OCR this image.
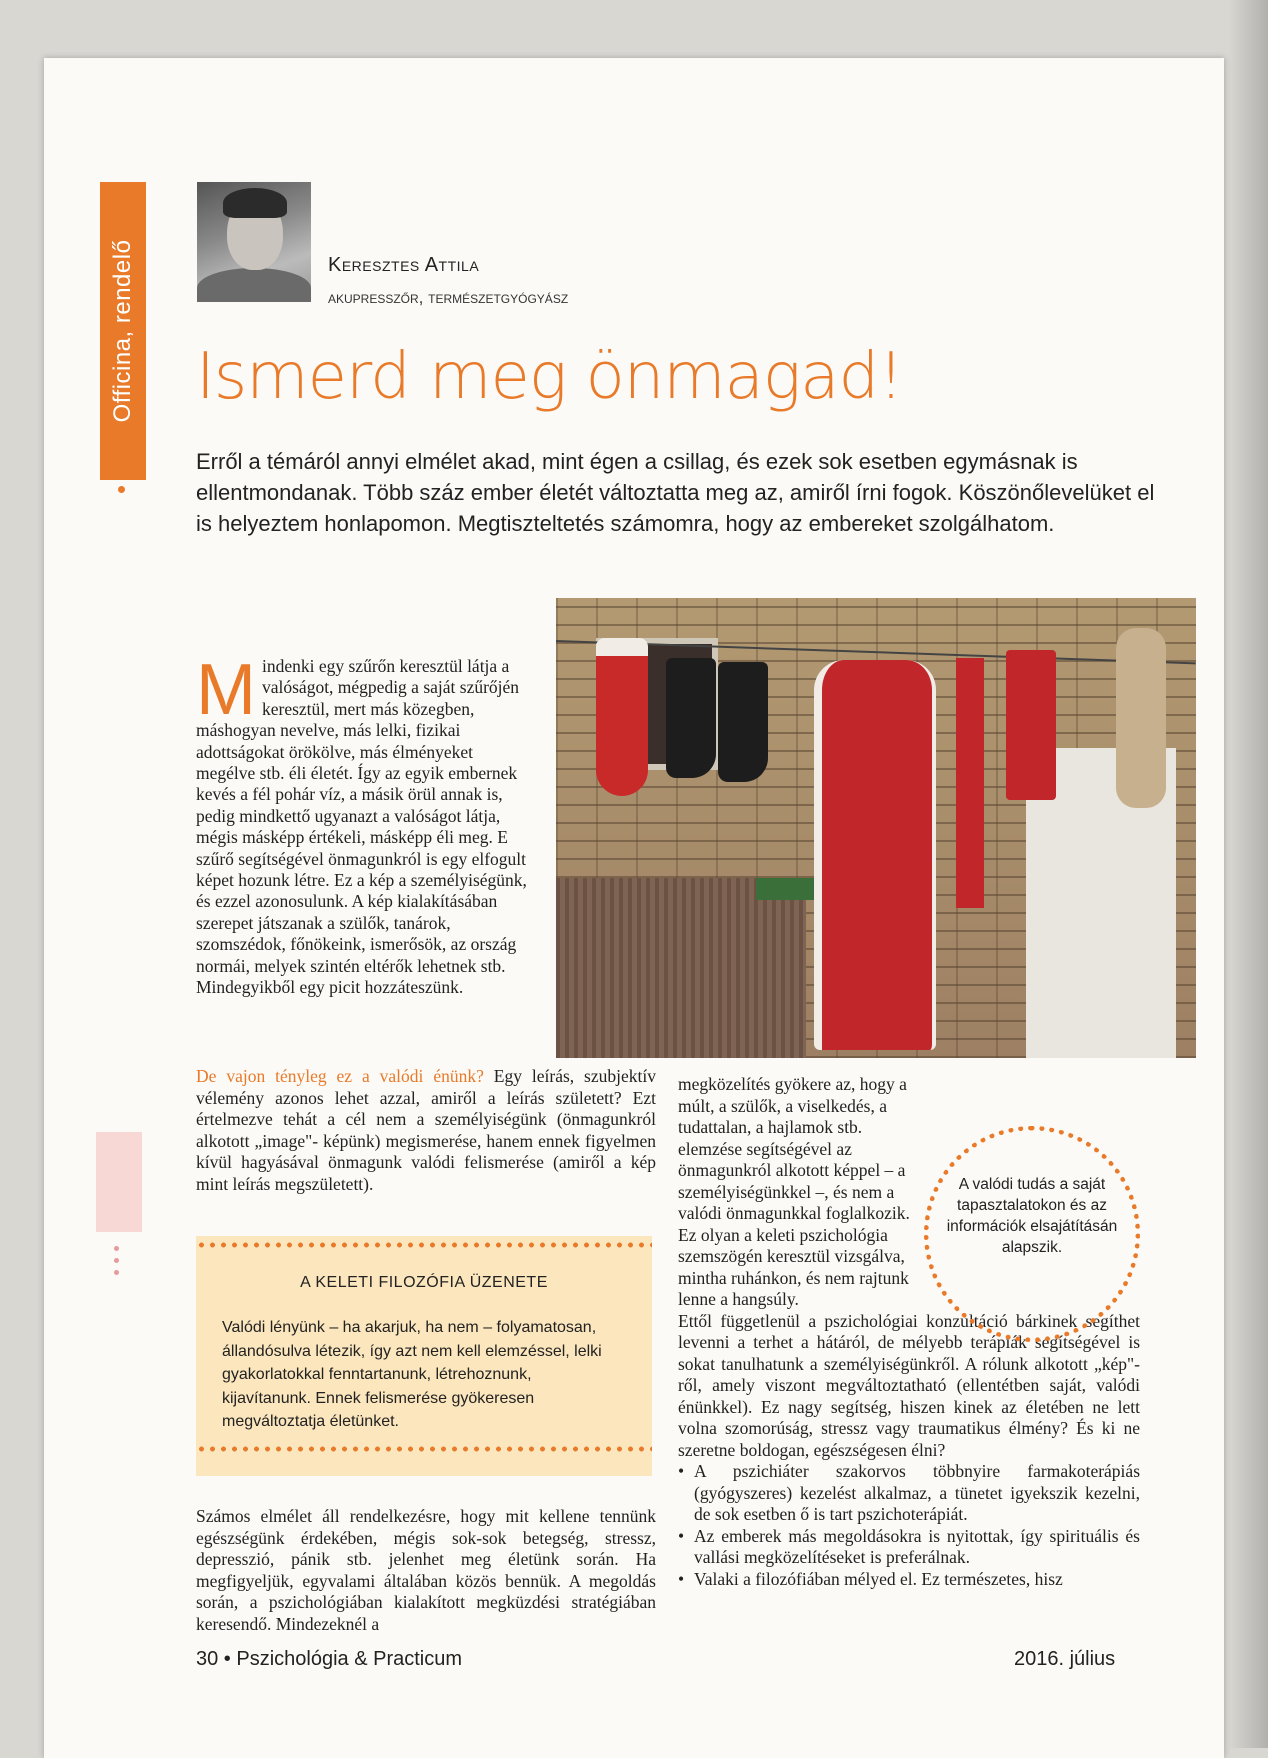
Officina, rendelő	Keresztes Attila
akupresszőr, természetgyógyász
Ismerd meg önmagad!

Erről a témáról annyi elmélet akad, mint égen a csillag, és ezek sok esetben egymásnak is ellentmondanak. Több száz ember életét változtatta meg az, amiről írni fogok. Köszönőlevelüket el is helyeztem honlapomon. Megtiszteltetés számomra, hogy az embereket szolgálhatom.

Mindenki egy szűrőn keresztül látja a valóságot, mégpedig a saját szűrőjén keresztül, mert más közegben, máshogyan nevelve, más lelki, fizikai adottságokat örökölve, más élményeket megélve stb. éli életét. Így az egyik embernek kevés a fél pohár víz, a másik örül annak is, pedig mindkettő ugyanazt a valóságot látja, mégis másképp értékeli, másképp éli meg. E szűrő segítségével önmagunkról is egy elfogult képet hozunk létre. Ez a kép a személyiségünk, és ezzel azonosulunk. A kép kialakításában szerepet játszanak a szülők, tanárok, szomszédok, főnökeink, ismerősök, az ország normái, melyek szintén eltérők lehetnek stb. Mindegyikből egy picit hozzáteszünk.

De vajon tényleg ez a valódi énünk? Egy leírás, szubjektív vélemény azonos lehet azzal, amiről a leírás született? Ezt értelmezve tehát a cél nem a személyiségünk (önmagunkról alkotott „image"- képünk) megismerése, hanem ennek figyelmen kívül hagyásával önmagunk valódi felismerése (amiről a kép mint leírás megszületett).

A KELETI FILOZÓFIA ÜZENETE

Valódi lényünk – ha akarjuk, ha nem – folyamatosan, állandósulva létezik, így azt nem kell elemzéssel, lelki gyakorlatokkal fenntartanunk, létrehoznunk, kijavítanunk. Ennek felismerése gyökeresen megváltoztatja életünket.

Számos elmélet áll rendelkezésre, hogy mit kellene tennünk egészségünk érdekében, mégis sok-sok betegség, stressz, depresszió, pánik stb. jelenhet meg életünk során. Ha megfigyeljük, egyvalami általában közös bennük. A megoldás során, a pszichológiában kialakított megküzdési stratégiában keresendő. Mindezeknél a

megközelítés gyökere az, hogy a múlt, a szülők, a viselkedés, a tudattalan, a hajlamok stb. elemzése segítségével az önmagunkról alkotott képpel – a személyiségünkkel –, és nem a valódi önmagunkkal foglalkozik. Ez olyan a keleti pszichológia szemszögén keresztül vizsgálva, mintha ruhánkon, és nem rajtunk lenne a hangsúly.

Ettől függetlenül a pszichológiai konzultáció bárkinek segíthet levenni a terhet a hátáról, de mélyebb terápiák segítségével is sokat tanulhatunk a személyiségünkről. A rólunk alkotott „kép"-ről, amely viszont megváltoztatható (ellentétben saját, valódi énünkkel). Ez nagy segítség, hiszen kinek az életében ne lett volna szomorúság, stressz vagy traumatikus élmény? És ki ne szeretne boldogan, egészségesen élni?

• A pszichiáter szakorvos többnyire farmakoterápiás (gyógyszeres) kezelést alkalmaz, a tünetet igyekszik kezelni, de sok esetben ő is tart pszichoterápiát.
• Az emberek más megoldásokra is nyitottak, így spirituális és vallási megközelítéseket is preferálnak.
• Valaki a filozófiában mélyed el. Ez természetes, hisz

A valódi tudás a saját tapasztalatokon és az információk elsajátításán alapszik.

30 • Pszichológia & Practicum	2016. július
